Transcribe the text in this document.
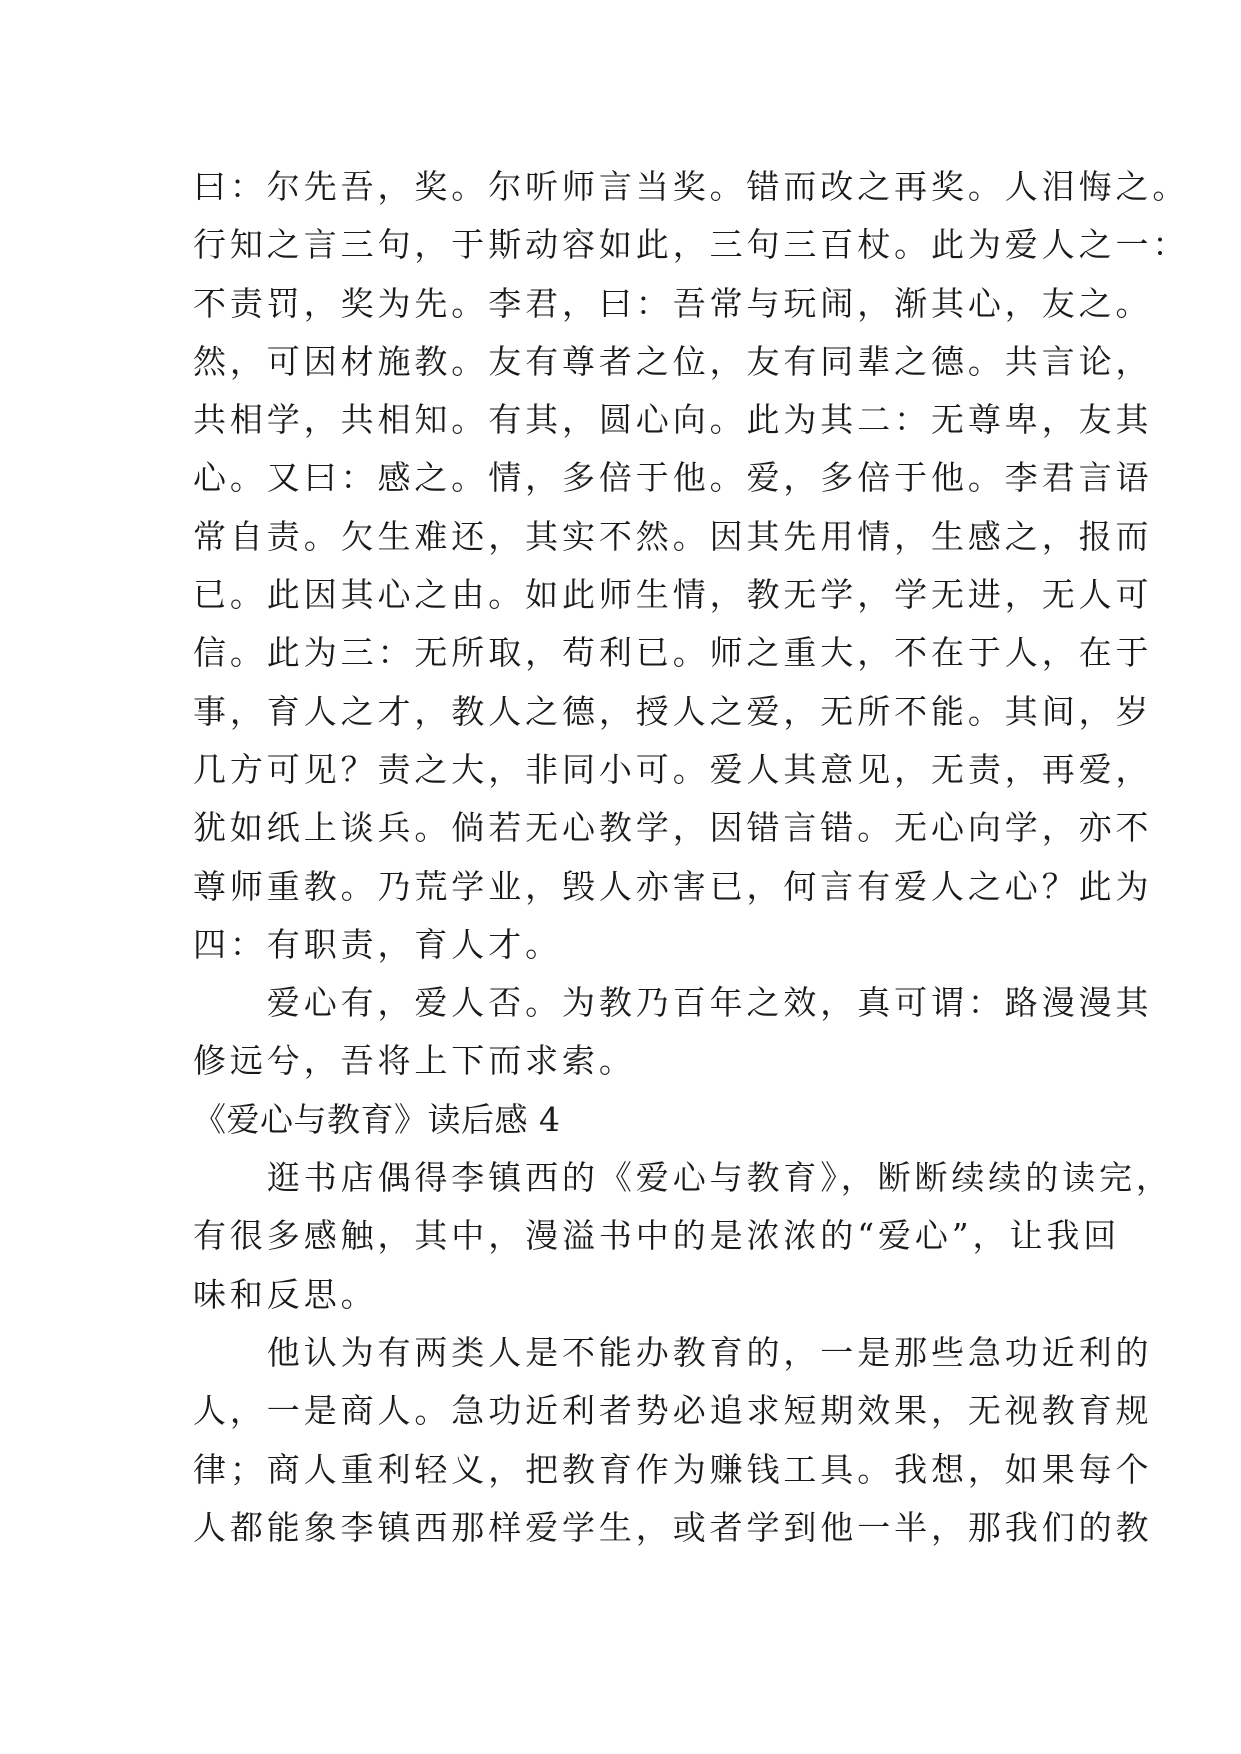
曰：尔先吾，奖。尔听师言当奖。错而改之再奖。人泪悔之。
行知之言三句，于斯动容如此，三句三百杖。此为爱人之一：
不责罚，奖为先。李君，曰：吾常与玩闹，渐其心，友之。
然，可因材施教。友有尊者之位，友有同辈之德。共言论，
共相学，共相知。有其，圆心向。此为其二：无尊卑，友其
心。又曰：感之。情，多倍于他。爱，多倍于他。李君言语
常自责。欠生难还，其实不然。因其先用情，生感之，报而
已。此因其心之由。如此师生情，教无学，学无进，无人可
信。此为三：无所取，苟利已。师之重大，不在于人，在于
事，育人之才，教人之德，授人之爱，无所不能。其间，岁
几方可见？责之大，非同小可。爱人其意见，无责，再爱，
犹如纸上谈兵。倘若无心教学，因错言错。无心向学，亦不
尊师重教。乃荒学业，毁人亦害已，何言有爱人之心？此为
四：有职责，育人才。
　　爱心有，爱人否。为教乃百年之效，真可谓：路漫漫其
修远兮，吾将上下而求索。
《爱心与教育》读后感 4
　　逛书店偶得李镇西的《爱心与教育》，断断续续的读完，
有很多感触，其中，漫溢书中的是浓浓的“爱心”，让我回
味和反思。
　　他认为有两类人是不能办教育的，一是那些急功近利的
人，一是商人。急功近利者势必追求短期效果，无视教育规
律；商人重利轻义，把教育作为赚钱工具。我想，如果每个
人都能象李镇西那样爱学生，或者学到他一半，那我们的教
